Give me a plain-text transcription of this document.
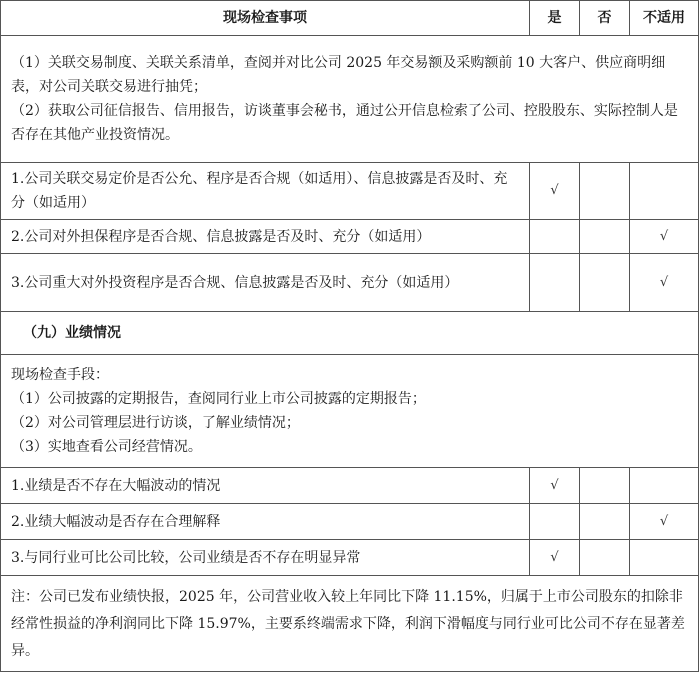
现场检查事项	是	否	不适用

（1）关联交易制度、关联关系清单，查阅并对比公司 2025 年交易额及采购额前 10 大客户、供应商明细表，对公司关联交易进行抽凭；

（2）获取公司征信报告、信用报告，访谈董事会秘书，通过公开信息检索了公司、控股股东、实际控制人是否存在其他产业投资情况。			

1.公司关联交易定价是否公允、程序是否合规（如适用）、信息披露是否及时、充分（如适用）	√		
2.公司对外担保程序是否合规、信息披露是否及时、充分（如适用）			√
3.公司重大对外投资程序是否合规、信息披露是否及时、充分（如适用）			√
（九）业绩情况			

现场检查手段：

（1）公司披露的定期报告，查阅同行业上市公司披露的定期报告；

（2）对公司管理层进行访谈，了解业绩情况；

（3）实地查看公司经营情况。			

1.业绩是否不存在大幅波动的情况	√		
2.业绩大幅波动是否存在合理解释			√
3.与同行业可比公司比较，公司业绩是否不存在明显异常	√		
注：公司已发布业绩快报，2025 年，公司营业收入较上年同比下降 11.15%，归属于上市公司股东的扣除非经常性损益的净利润同比下降 15.97%，主要系终端需求下降，利润下滑幅度与同行业可比公司不存在显著差异。			
